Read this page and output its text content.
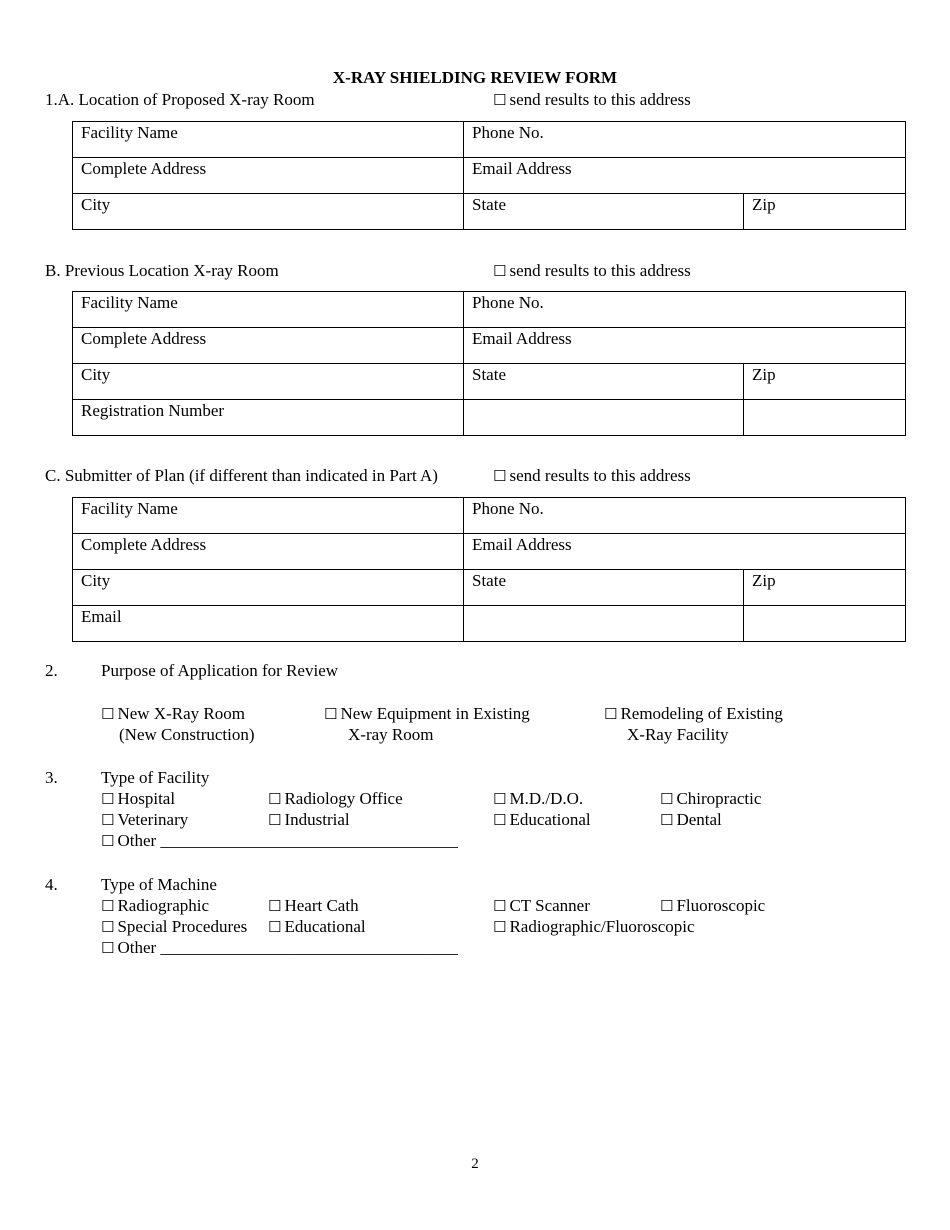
X-RAY SHIELDING REVIEW FORM
1.A. Location of Proposed X-ray Room	☐ send results to this address
Facility Name	Phone No.	
Complete Address	Email Address	
City	State	Zip
B. Previous Location X-ray Room	☐ send results to this address
Facility Name	Phone No.	
Complete Address	Email Address	
City	State	Zip
Registration Number		
C. Submitter of Plan (if different than indicated in Part A)	☐ send results to this address
Facility Name	Phone No.	
Complete Address	Email Address	
City	State	Zip
Email		
2.	Purpose of Application for Review
☐ New X-Ray Room
(New Construction)
☐ New Equipment in Existing
X-ray Room
☐ Remodeling of Existing
X-Ray Facility
3.	Type of Facility
☐ Hospital	☐ Radiology Office	☐ M.D./D.O.	☐ Chiropractic
☐ Veterinary	☐ Industrial	☐ Educational	☐ Dental
☐ Other ___________________________________
4.	Type of Machine
☐ Radiographic	☐ Heart Cath	☐ CT Scanner	☐ Fluoroscopic
☐ Special Procedures ☐ Educational	☐ Radiographic/Fluoroscopic
☐ Other ___________________________________
2
